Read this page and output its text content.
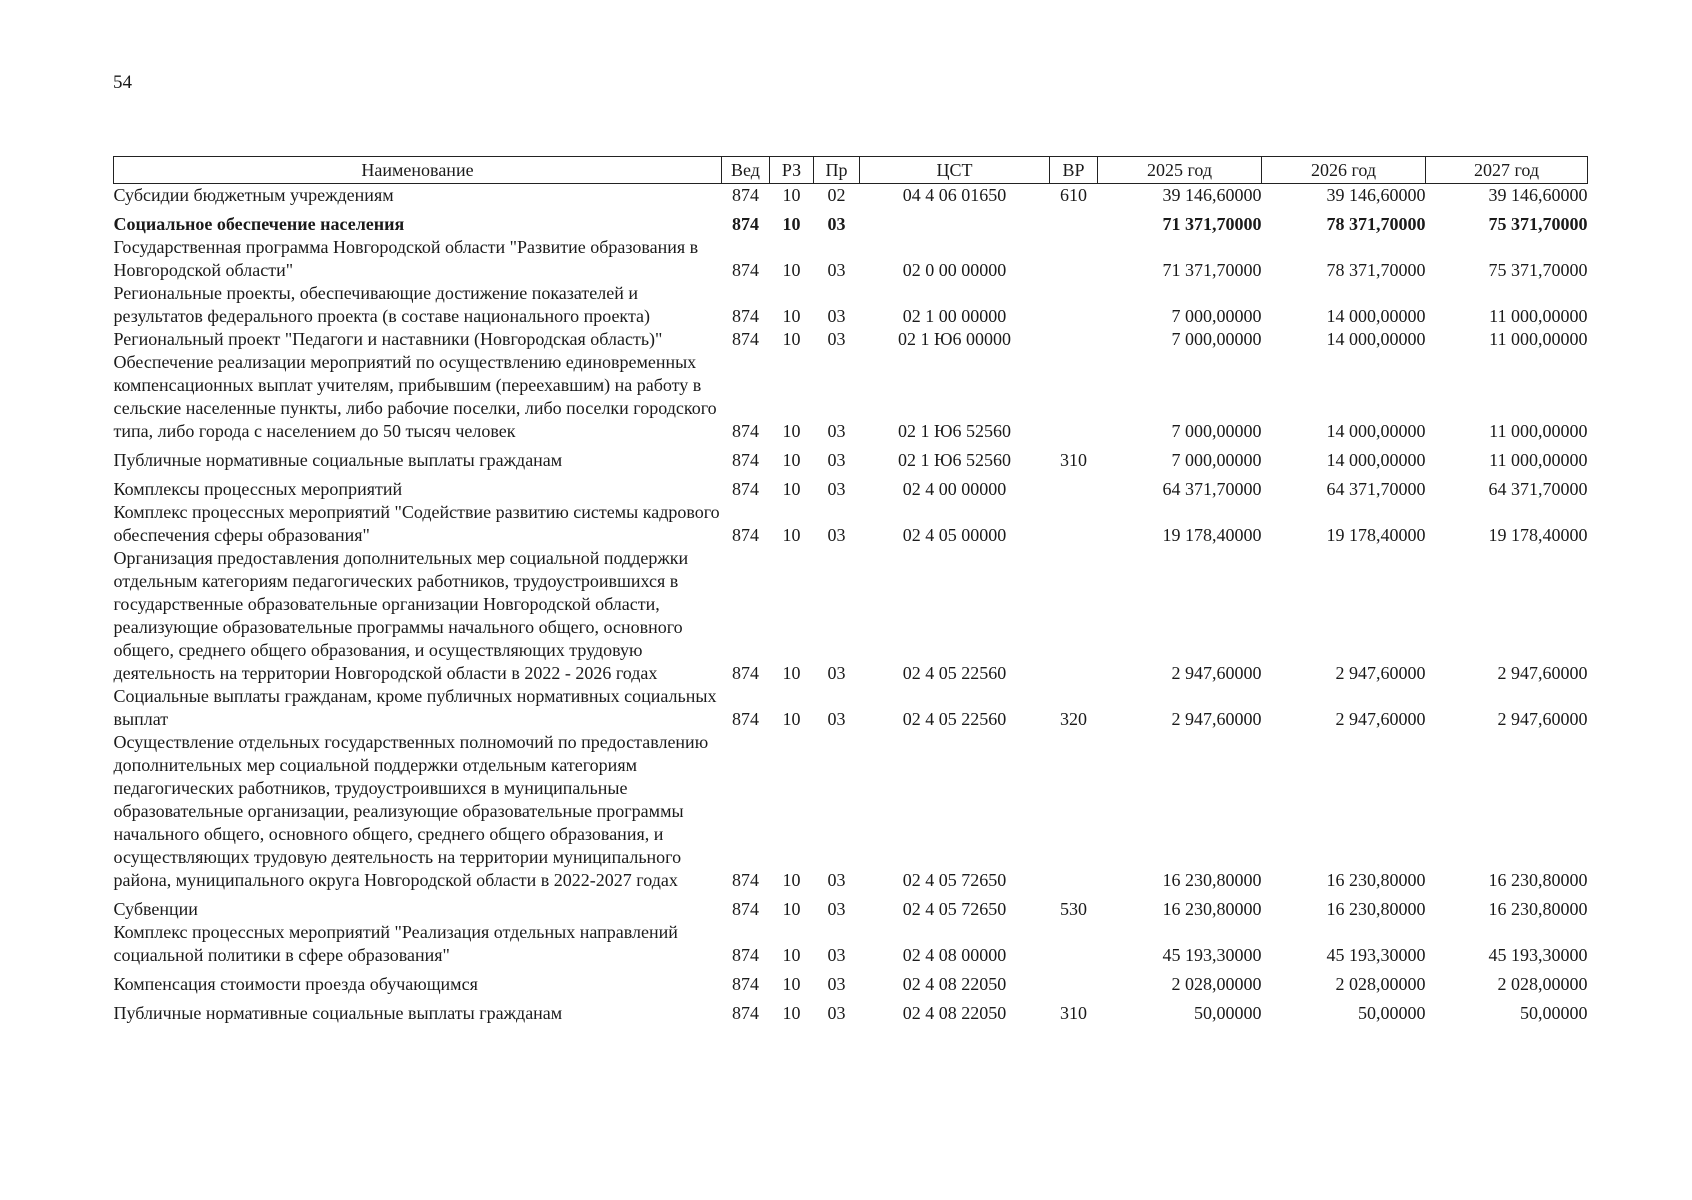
54
Наименование	Вед	РЗ	Пр	ЦСТ	ВР	2025 год	2026 год	2027 год
Субсидии бюджетным учреждениям	874	10	02	04 4 06 01650	610	39 146,60000	39 146,60000	39 146,60000
Социальное обеспечение населения	874	10	03			71 371,70000	78 371,70000	75 371,70000
Государственная программа Новгородской области "Развитие образования в Новгородской области"	874	10	03	02 0 00 00000		71 371,70000	78 371,70000	75 371,70000
Региональные проекты, обеспечивающие достижение показателей и результатов федерального проекта (в составе национального проекта)	874	10	03	02 1 00 00000		7 000,00000	14 000,00000	11 000,00000
Региональный проект "Педагоги и наставники (Новгородская область)"	874	10	03	02 1 Ю6 00000		7 000,00000	14 000,00000	11 000,00000
Обеспечение реализации мероприятий по осуществлению единовременных компенсационных выплат учителям, прибывшим (переехавшим) на работу в сельские населенные пункты, либо рабочие поселки, либо поселки городского типа, либо города с населением до 50 тысяч человек	874	10	03	02 1 Ю6 52560		7 000,00000	14 000,00000	11 000,00000
Публичные нормативные социальные выплаты гражданам	874	10	03	02 1 Ю6 52560	310	7 000,00000	14 000,00000	11 000,00000
Комплексы процессных мероприятий	874	10	03	02 4 00 00000		64 371,70000	64 371,70000	64 371,70000
Комплекс процессных мероприятий "Содействие развитию системы кадрового обеспечения сферы образования"	874	10	03	02 4 05 00000		19 178,40000	19 178,40000	19 178,40000
Организация предоставления дополнительных мер социальной поддержки отдельным категориям педагогических работников, трудоустроившихся в государственные образовательные организации Новгородской области, реализующие образовательные программы начального общего, основного общего, среднего общего образования, и осуществляющих трудовую деятельность на территории Новгородской области в 2022 - 2026 годах	874	10	03	02 4 05 22560		2 947,60000	2 947,60000	2 947,60000
Социальные выплаты гражданам, кроме публичных нормативных социальных выплат	874	10	03	02 4 05 22560	320	2 947,60000	2 947,60000	2 947,60000
Осуществление отдельных государственных полномочий по предоставлению дополнительных мер социальной поддержки отдельным категориям педагогических работников, трудоустроившихся в муниципальные образовательные организации, реализующие образовательные программы начального общего, основного общего, среднего общего образования, и осуществляющих трудовую деятельность на территории муниципального района, муниципального округа Новгородской области в 2022-2027 годах	874	10	03	02 4 05 72650		16 230,80000	16 230,80000	16 230,80000
Субвенции	874	10	03	02 4 05 72650	530	16 230,80000	16 230,80000	16 230,80000
Комплекс процессных мероприятий "Реализация отдельных направлений социальной политики в сфере образования"	874	10	03	02 4 08 00000		45 193,30000	45 193,30000	45 193,30000
Компенсация стоимости проезда обучающимся	874	10	03	02 4 08 22050		2 028,00000	2 028,00000	2 028,00000
Публичные нормативные социальные выплаты гражданам	874	10	03	02 4 08 22050	310	50,00000	50,00000	50,00000
